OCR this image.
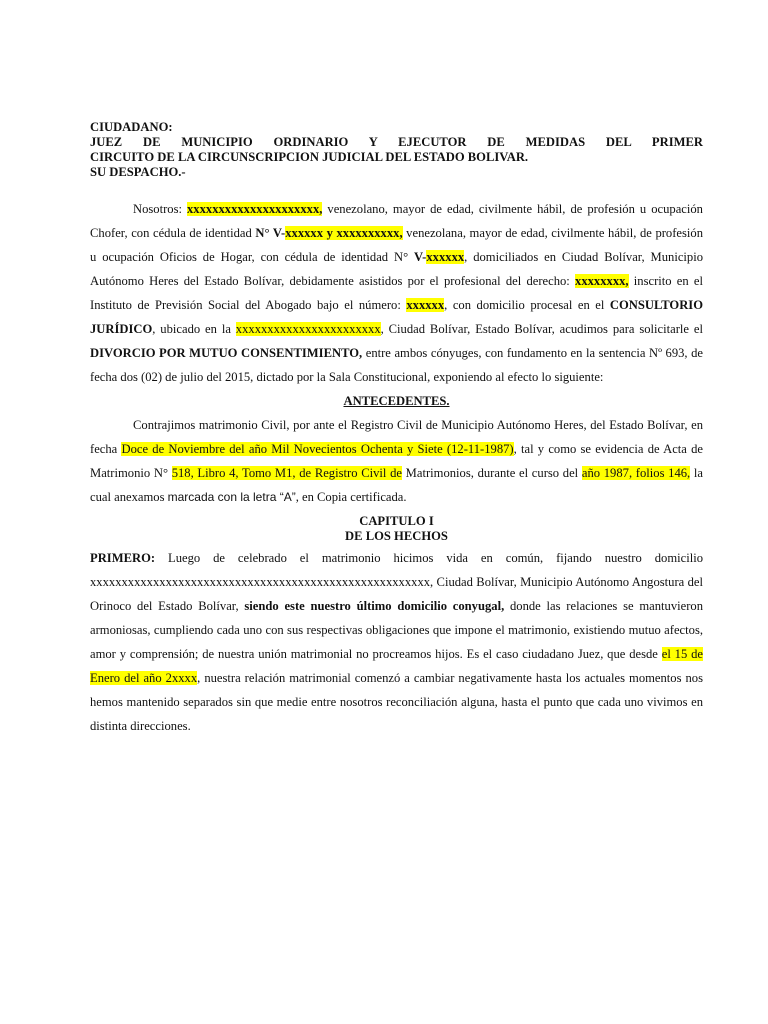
CIUDADANO:

JUEZ DE MUNICIPIO ORDINARIO Y EJECUTOR DE MEDIDAS DEL PRIMER

CIRCUITO DE LA CIRCUNSCRIPCION JUDICIAL DEL ESTADO BOLIVAR.

SU DESPACHO.-

Nosotros: xxxxxxxxxxxxxxxxxxxxx, venezolano, mayor de edad, civilmente hábil, de profesión u ocupación Chofer, con cédula de identidad N° V-xxxxxx y xxxxxxxxxx, venezolana, mayor de edad, civilmente hábil, de profesión u ocupación Oficios de Hogar, con cédula de identidad N° V-xxxxxx, domiciliados en Ciudad Bolívar, Municipio Autónomo Heres del Estado Bolívar, debidamente asistidos por el profesional del derecho: xxxxxxxx, inscrito en el Instituto de Previsión Social del Abogado bajo el número: xxxxxx, con domicilio procesal en el CONSULTORIO JURÍDICO, ubicado en la xxxxxxxxxxxxxxxxxxxxxxx, Ciudad Bolívar, Estado Bolívar, acudimos para solicitarle el DIVORCIO POR MUTUO CONSENTIMIENTO, entre ambos cónyuges, con fundamento en la sentencia Nº 693, de fecha dos (02) de julio del 2015, dictado por la Sala Constitucional, exponiendo al efecto lo siguiente:

ANTECEDENTES.

Contrajimos matrimonio Civil, por ante el Registro Civil de Municipio Autónomo Heres, del Estado Bolívar, en fecha Doce de Noviembre del año Mil Novecientos Ochenta y Siete (12-11-1987), tal y como se evidencia de Acta de Matrimonio N° 518, Libro 4, Tomo M1, de Registro Civil de Matrimonios, durante el curso del año 1987, folios 146, la cual anexamos marcada con la letra “A”, en Copia certificada.

CAPITULO I

DE LOS HECHOS

PRIMERO: Luego de celebrado el matrimonio hicimos vida en común, fijando nuestro domicilio xxxxxxxxxxxxxxxxxxxxxxxxxxxxxxxxxxxxxxxxxxxxxxxxxxxxxx, Ciudad Bolívar, Municipio Autónomo Angostura del Orinoco del Estado Bolívar, siendo este nuestro último domicilio conyugal, donde las relaciones se mantuvieron armoniosas, cumpliendo cada uno con sus respectivas obligaciones que impone el matrimonio, existiendo mutuo afectos, amor y comprensión; de nuestra unión matrimonial no procreamos hijos. Es el caso ciudadano Juez, que desde el 15 de Enero del año 2xxxx, nuestra relación matrimonial comenzó a cambiar negativamente hasta los actuales momentos nos hemos mantenido separados sin que medie entre nosotros reconciliación alguna, hasta el punto que cada uno vivimos en distinta direcciones.
